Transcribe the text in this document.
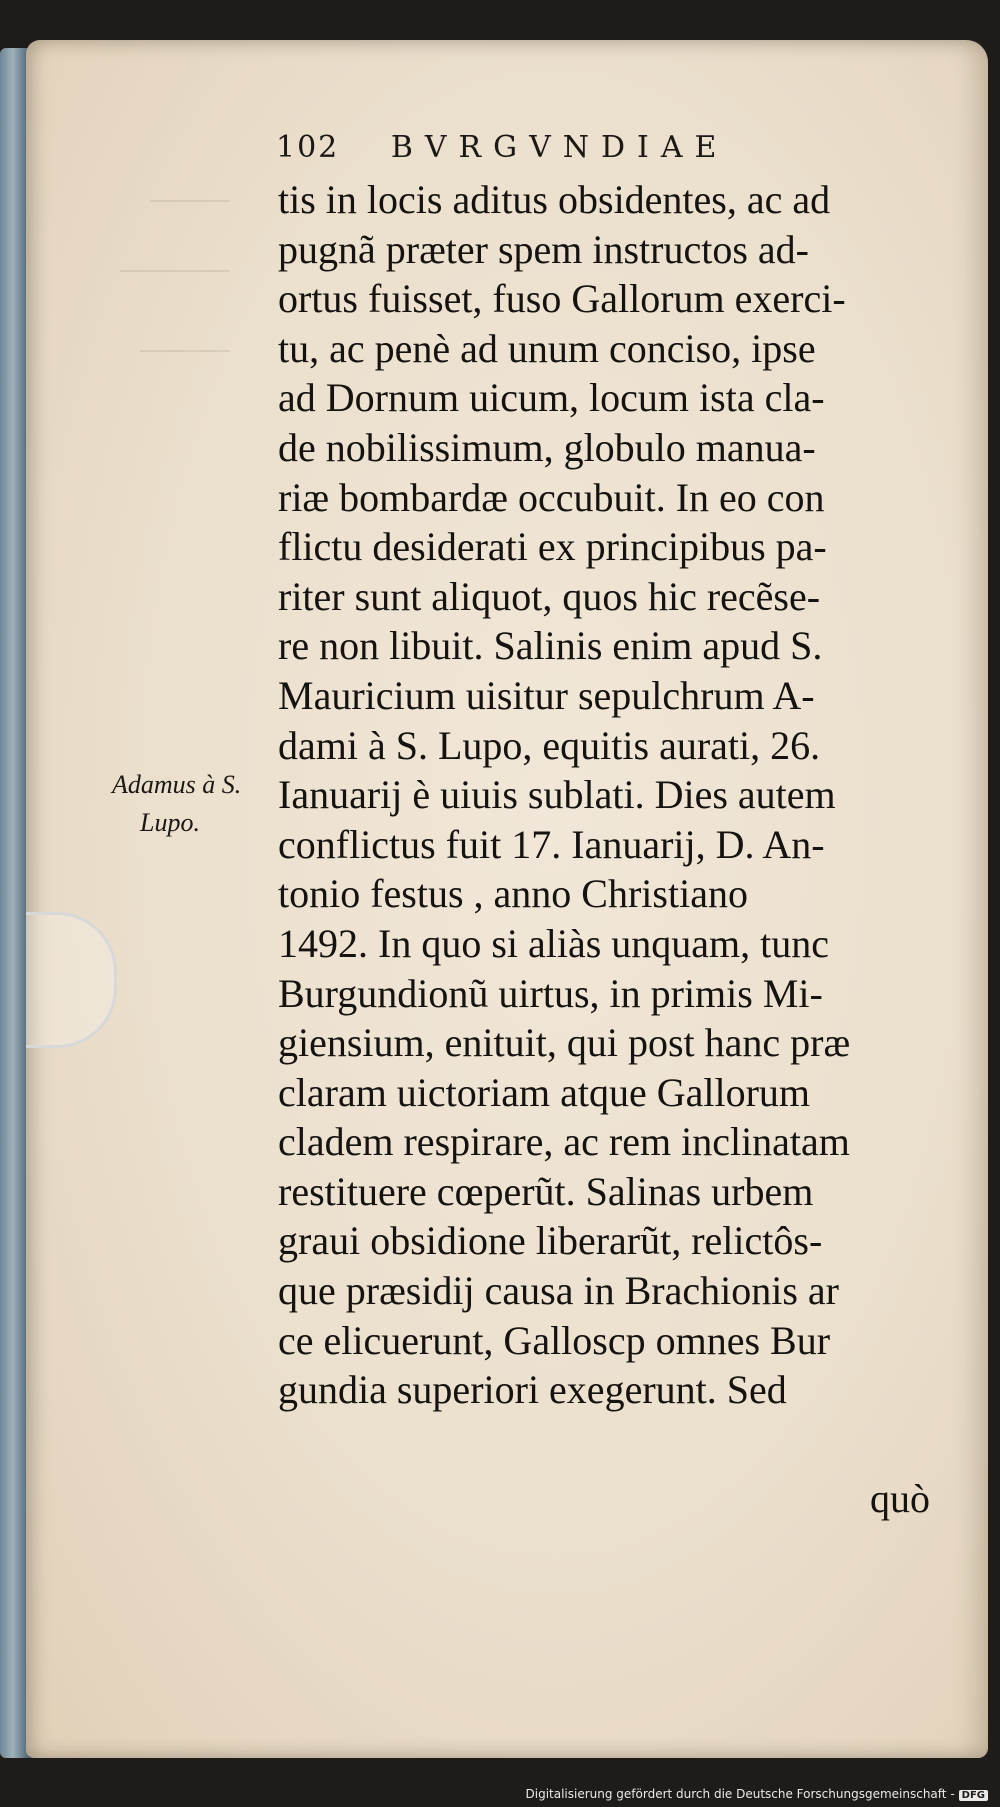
102 BVRGVNDIAE
tis in locis aditus obsidentes, ac ad
pugnã præter spem instructos ad-
ortus fuisset, fuso Gallorum exerci-
tu, ac penè ad unum conciso, ipse
ad Dornum uicum, locum ista cla-
de nobilissimum, globulo manua-
riæ bombardæ occubuit. In eo con
flictu desiderati ex principibus pa-
riter sunt aliquot, quos hic recẽse-
re non libuit. Salinis enim apud S.
Mauricium uisitur sepulchrum A-
dami à S. Lupo, equitis aurati, 26.
Ianuarij è uiuis sublati. Dies autem
conflictus fuit 17. Ianuarij, D. An-
tonio festus , anno Christiano
1492. In quo si aliàs unquam, tunc
Burgundionũ uirtus, in primis Mi-
giensium, enituit, qui post hanc præ
claram uictoriam atque Gallorum
cladem respirare, ac rem inclinatam
restituere cœperũt. Salinas urbem
graui obsidione liberarũt, relictôs-
que præsidij causa in Brachionis ar
ce elicuerunt, Galloscp omnes Bur
gundia superiori exegerunt. Sed
quò
Adamus à S.
Lupo.
Digitalisierung gefördert durch die Deutsche Forschungsgemeinschaft - DFG
